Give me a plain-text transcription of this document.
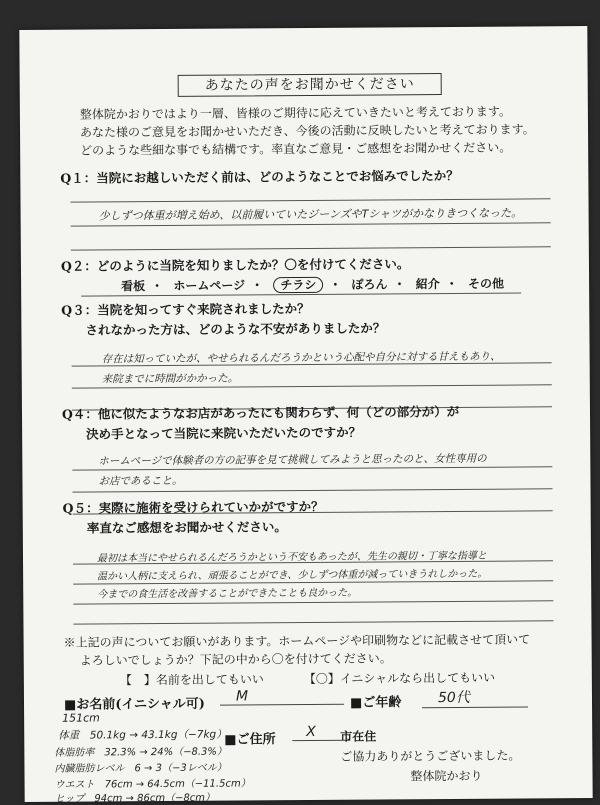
あなたの声をお聞かせください
整体院かおりではより一層、皆様のご期待に応えていきたいと考えております。
あなた様のご意見をお聞かせいただき、今後の活動に反映したいと考えております。
どのような些細な事でも結構です。率直なご意見・ご感想をお聞かせください。
Q１：当院にお越しいただく前は、どのようなことでお悩みでしたか？
少しずつ体重が増え始め、以前履いていたジーンズやTシャツがかなりきつくなった。
Q２：どのように当院を知りましたか？〇を付けてください。
看板 ・ ホームページ ・ チラシ ・ ぽろん ・ 紹介 ・ その他
Q３：当院を知ってすぐ来院されましたか？
されなかった方は、どのような不安がありましたか？
存在は知っていたが、やせられるんだろうかという心配や自分に対する甘えもあり、
来院までに時間がかかった。
Q４：他に似たようなお店があったにも関わらず、何（どの部分が）が
決め手となって当院に来院いただいたのですか？
ホームページで体験者の方の記事を見て挑戦してみようと思ったのと、女性専用の
お店であること。
Q５：実際に施術を受けられていかがですか？
率直なご感想をお聞かせください。
最初は本当にやせられるんだろうかという不安もあったが、先生の親切・丁寧な指導と
温かい人柄に支えられ、頑張ることができ、少しずつ体重が減っていきうれしかった。
今までの食生活を改善することができたことも良かった。
※上記の声についてお願いがあります。ホームページや印刷物などに記載させて頂いて
よろしいでしょうか？下記の中から〇を付けてください。
【　】名前を出してもいい	【〇】イニシャルなら出してもいい
■お名前(イニシャル可)
M	■ご年齢	50代
151cm
体重　50.1kg → 43.1kg（−7kg）
■ご住所	X	市在住
体脂肪率　32.3% → 24%（−8.3%）
内臓脂肪レベル　6 → 3（−3レベル）
ウエスト　76cm → 64.5cm（−11.5cm）
ヒップ　94cm → 86cm（−8cm）
ご協力ありがとうございました。
整体院かおり
